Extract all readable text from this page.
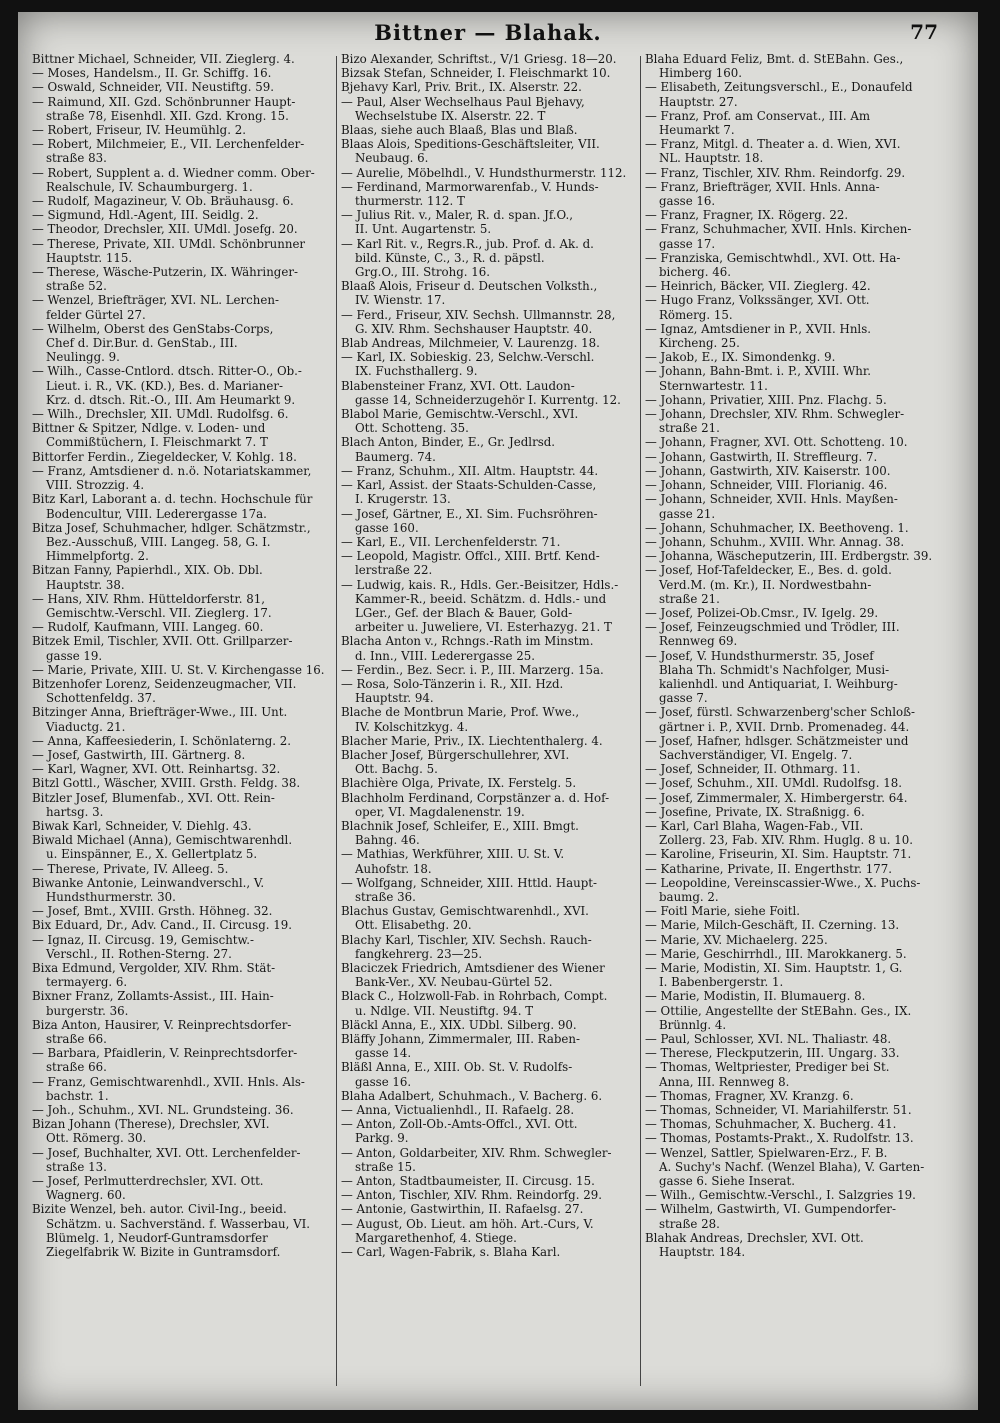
Bittner — Blahak.	77
Bittner Michael, Schneider, VII. Zieglerg. 4.
— Moses, Handelsm., II. Gr. Schiffg. 16.
— Oswald, Schneider, VII. Neustiftg. 59.
— Raimund, XII. Gzd. Schönbrunner Haupt-
straße 78, Eisenhdl. XII. Gzd. Krong. 15.
— Robert, Friseur, IV. Heumühlg. 2.
— Robert, Milchmeier, E., VII. Lerchenfelder-
straße 83.
— Robert, Supplent a. d. Wiedner comm. Ober-
Realschule, IV. Schaumburgerg. 1.
— Rudolf, Magazineur, V. Ob. Bräuhausg. 6.
— Sigmund, Hdl.-Agent, III. Seidlg. 2.
— Theodor, Drechsler, XII. UMdl. Josefg. 20.
— Therese, Private, XII. UMdl. Schönbrunner
Hauptstr. 115.
— Therese, Wäsche-Putzerin, IX. Währinger-
straße 52.
— Wenzel, Briefträger, XVI. NL. Lerchen-
felder Gürtel 27.
— Wilhelm, Oberst des GenStabs-Corps,
Chef d. Dir.Bur. d. GenStab., III.
Neulingg. 9.
— Wilh., Casse-Cntlord. dtsch. Ritter-O., Ob.-
Lieut. i. R., VK. (KD.), Bes. d. Marianer-
Krz. d. dtsch. Rit.-O., III. Am Heumarkt 9.
— Wilh., Drechsler, XII. UMdl. Rudolfsg. 6.
Bittner & Spitzer, Ndlge. v. Loden- und
Commißtüchern, I. Fleischmarkt 7. T
Bittorfer Ferdin., Ziegeldecker, V. Kohlg. 18.
— Franz, Amtsdiener d. n.ö. Notariatskammer,
VIII. Strozzig. 4.
Bitz Karl, Laborant a. d. techn. Hochschule für
Bodencultur, VIII. Lederergasse 17a.
Bitza Josef, Schuhmacher, hdlger. Schätzmstr.,
Bez.-Ausschuß, VIII. Langeg. 58, G. I.
Himmelpfortg. 2.
Bitzan Fanny, Papierhdl., XIX. Ob. Dbl.
Hauptstr. 38.
— Hans, XIV. Rhm. Hütteldorferstr. 81,
Gemischtw.-Verschl. VII. Zieglerg. 17.
— Rudolf, Kaufmann, VIII. Langeg. 60.
Bitzek Emil, Tischler, XVII. Ott. Grillparzer-
gasse 19.
— Marie, Private, XIII. U. St. V. Kirchengasse 16.
Bitzenhofer Lorenz, Seidenzeugmacher, VII.
Schottenfeldg. 37.
Bitzinger Anna, Briefträger-Wwe., III. Unt.
Viaductg. 21.
— Anna, Kaffeesiederin, I. Schönlaterng. 2.
— Josef, Gastwirth, III. Gärtnerg. 8.
— Karl, Wagner, XVI. Ott. Reinhartsg. 32.
Bitzl Gottl., Wäscher, XVIII. Grsth. Feldg. 38.
Bitzler Josef, Blumenfab., XVI. Ott. Rein-
hartsg. 3.
Biwak Karl, Schneider, V. Diehlg. 43.
Biwald Michael (Anna), Gemischtwarenhdl.
u. Einspänner, E., X. Gellertplatz 5.
— Therese, Private, IV. Alleeg. 5.
Biwanke Antonie, Leinwandverschl., V.
Hundsthurmerstr. 30.
— Josef, Bmt., XVIII. Grsth. Höhneg. 32.
Bix Eduard, Dr., Adv. Cand., II. Circusg. 19.
— Ignaz, II. Circusg. 19, Gemischtw.-
Verschl., II. Rothen-Sterng. 27.
Bixa Edmund, Vergolder, XIV. Rhm. Stät-
termayerg. 6.
Bixner Franz, Zollamts-Assist., III. Hain-
burgerstr. 36.
Biza Anton, Hausirer, V. Reinprechtsdorfer-
straße 66.
— Barbara, Pfaidlerin, V. Reinprechtsdorfer-
straße 66.
— Franz, Gemischtwarenhdl., XVII. Hnls. Als-
bachstr. 1.
— Joh., Schuhm., XVI. NL. Grundsteing. 36.
Bizan Johann (Therese), Drechsler, XVI.
Ott. Römerg. 30.
— Josef, Buchhalter, XVI. Ott. Lerchenfelder-
straße 13.
— Josef, Perlmutterdrechsler, XVI. Ott.
Wagnerg. 60.
Bizite Wenzel, beh. autor. Civil-Ing., beeid.
Schätzm. u. Sachverständ. f. Wasserbau, VI.
Blümelg. 1, Neudorf-Guntramsdorfer
Ziegelfabrik W. Bizite in Guntramsdorf.
Bizo Alexander, Schriftst., V/1 Griesg. 18—20.
Bizsak Stefan, Schneider, I. Fleischmarkt 10.
Bjehavy Karl, Priv. Brit., IX. Alserstr. 22.
— Paul, Alser Wechselhaus Paul Bjehavy,
Wechselstube IX. Alserstr. 22. T
Blaas, siehe auch Blaaß, Blas und Blaß.
Blaas Alois, Speditions-Geschäftsleiter, VII.
Neubaug. 6.
— Aurelie, Möbelhdl., V. Hundsthurmerstr. 112.
— Ferdinand, Marmorwarenfab., V. Hunds-
thurmerstr. 112. T
— Julius Rit. v., Maler, R. d. span. Jf.O.,
II. Unt. Augartenstr. 5.
— Karl Rit. v., Regrs.R., jub. Prof. d. Ak. d.
bild. Künste, C., 3., R. d. päpstl.
Grg.O., III. Strohg. 16.
Blaaß Alois, Friseur d. Deutschen Volksth.,
IV. Wienstr. 17.
— Ferd., Friseur, XIV. Sechsh. Ullmannstr. 28,
G. XIV. Rhm. Sechshauser Hauptstr. 40.
Blab Andreas, Milchmeier, V. Laurenzg. 18.
— Karl, IX. Sobieskig. 23, Selchw.-Verschl.
IX. Fuchsthallerg. 9.
Blabensteiner Franz, XVI. Ott. Laudon-
gasse 14, Schneiderzugehör I. Kurrentg. 12.
Blabol Marie, Gemischtw.-Verschl., XVI.
Ott. Schotteng. 35.
Blach Anton, Binder, E., Gr. Jedlrsd.
Baumerg. 74.
— Franz, Schuhm., XII. Altm. Hauptstr. 44.
— Karl, Assist. der Staats-Schulden-Casse,
I. Krugerstr. 13.
— Josef, Gärtner, E., XI. Sim. Fuchsröhren-
gasse 160.
— Karl, E., VII. Lerchenfelderstr. 71.
— Leopold, Magistr. Offcl., XIII. Brtf. Kend-
lerstraße 22.
— Ludwig, kais. R., Hdls. Ger.-Beisitzer, Hdls.-
Kammer-R., beeid. Schätzm. d. Hdls.- und
LGer., Gef. der Blach & Bauer, Gold-
arbeiter u. Juweliere, VI. Esterhazyg. 21. T
Blacha Anton v., Rchngs.-Rath im Minstm.
d. Inn., VIII. Lederergasse 25.
— Ferdin., Bez. Secr. i. P., III. Marzerg. 15a.
— Rosa, Solo-Tänzerin i. R., XII. Hzd.
Hauptstr. 94.
Blache de Montbrun Marie, Prof. Wwe.,
IV. Kolschitzkyg. 4.
Blacher Marie, Priv., IX. Liechtenthalerg. 4.
Blacher Josef, Bürgerschullehrer, XVI.
Ott. Bachg. 5.
Blachière Olga, Private, IX. Ferstelg. 5.
Blachholm Ferdinand, Corpstänzer a. d. Hof-
oper, VI. Magdalenenstr. 19.
Blachnik Josef, Schleifer, E., XIII. Bmgt.
Bahng. 46.
— Mathias, Werkführer, XIII. U. St. V.
Auhofstr. 18.
— Wolfgang, Schneider, XIII. Httld. Haupt-
straße 36.
Blachus Gustav, Gemischtwarenhdl., XVI.
Ott. Elisabethg. 20.
Blachy Karl, Tischler, XIV. Sechsh. Rauch-
fangkehrerg. 23—25.
Blaciczek Friedrich, Amtsdiener des Wiener
Bank-Ver., XV. Neubau-Gürtel 52.
Black C., Holzwoll-Fab. in Rohrbach, Compt.
u. Ndlge. VII. Neustiftg. 94. T
Bläckl Anna, E., XIX. UDbl. Silberg. 90.
Bläffy Johann, Zimmermaler, III. Raben-
gasse 14.
Bläßl Anna, E., XIII. Ob. St. V. Rudolfs-
gasse 16.
Blaha Adalbert, Schuhmach., V. Bacherg. 6.
— Anna, Victualienhdl., II. Rafaelg. 28.
— Anton, Zoll-Ob.-Amts-Offcl., XVI. Ott.
Parkg. 9.
— Anton, Goldarbeiter, XIV. Rhm. Schwegler-
straße 15.
— Anton, Stadtbaumeister, II. Circusg. 15.
— Anton, Tischler, XIV. Rhm. Reindorfg. 29.
— Antonie, Gastwirthin, II. Rafaelsg. 27.
— August, Ob. Lieut. am höh. Art.-Curs, V.
Margarethenhof, 4. Stiege.
— Carl, Wagen-Fabrik, s. Blaha Karl.
Blaha Eduard Feliz, Bmt. d. StEBahn. Ges.,
Himberg 160.
— Elisabeth, Zeitungsverschl., E., Donaufeld
Hauptstr. 27.
— Franz, Prof. am Conservat., III. Am
Heumarkt 7.
— Franz, Mitgl. d. Theater a. d. Wien, XVI.
NL. Hauptstr. 18.
— Franz, Tischler, XIV. Rhm. Reindorfg. 29.
— Franz, Briefträger, XVII. Hnls. Anna-
gasse 16.
— Franz, Fragner, IX. Rögerg. 22.
— Franz, Schuhmacher, XVII. Hnls. Kirchen-
gasse 17.
— Franziska, Gemischtwhdl., XVI. Ott. Ha-
bicherg. 46.
— Heinrich, Bäcker, VII. Zieglerg. 42.
— Hugo Franz, Volkssänger, XVI. Ott.
Römerg. 15.
— Ignaz, Amtsdiener in P., XVII. Hnls.
Kircheng. 25.
— Jakob, E., IX. Simondenkg. 9.
— Johann, Bahn-Bmt. i. P., XVIII. Whr.
Sternwartestr. 11.
— Johann, Privatier, XIII. Pnz. Flachg. 5.
— Johann, Drechsler, XIV. Rhm. Schwegler-
straße 21.
— Johann, Fragner, XVI. Ott. Schotteng. 10.
— Johann, Gastwirth, II. Streffleurg. 7.
— Johann, Gastwirth, XIV. Kaiserstr. 100.
— Johann, Schneider, VIII. Florianig. 46.
— Johann, Schneider, XVII. Hnls. Mayßen-
gasse 21.
— Johann, Schuhmacher, IX. Beethoveng. 1.
— Johann, Schuhm., XVIII. Whr. Annag. 38.
— Johanna, Wäscheputzerin, III. Erdbergstr. 39.
— Josef, Hof-Tafeldecker, E., Bes. d. gold.
Verd.M. (m. Kr.), II. Nordwestbahn-
straße 21.
— Josef, Polizei-Ob.Cmsr., IV. Igelg. 29.
— Josef, Feinzeugschmied und Trödler, III.
Rennweg 69.
— Josef, V. Hundsthurmerstr. 35, Josef
Blaha Th. Schmidt's Nachfolger, Musi-
kalienhdl. und Antiquariat, I. Weihburg-
gasse 7.
— Josef, fürstl. Schwarzenberg'scher Schloß-
gärtner i. P., XVII. Drnb. Promenadeg. 44.
— Josef, Hafner, hdlsger. Schätzmeister und
Sachverständiger, VI. Engelg. 7.
— Josef, Schneider, II. Othmarg. 11.
— Josef, Schuhm., XII. UMdl. Rudolfsg. 18.
— Josef, Zimmermaler, X. Himbergerstr. 64.
— Josefine, Private, IX. Straßnigg. 6.
— Karl, Carl Blaha, Wagen-Fab., VII.
Zollerg. 23, Fab. XIV. Rhm. Huglg. 8 u. 10.
— Karoline, Friseurin, XI. Sim. Hauptstr. 71.
— Katharine, Private, II. Engerthstr. 177.
— Leopoldine, Vereinscassier-Wwe., X. Puchs-
baumg. 2.
— Foitl Marie, siehe Foitl.
— Marie, Milch-Geschäft, II. Czerning. 13.
— Marie, XV. Michaelerg. 225.
— Marie, Geschirrhdl., III. Marokkanerg. 5.
— Marie, Modistin, XI. Sim. Hauptstr. 1, G.
I. Babenbergerstr. 1.
— Marie, Modistin, II. Blumauerg. 8.
— Ottilie, Angestellte der StEBahn. Ges., IX.
Brünnlg. 4.
— Paul, Schlosser, XVI. NL. Thaliastr. 48.
— Therese, Fleckputzerin, III. Ungarg. 33.
— Thomas, Weltpriester, Prediger bei St.
Anna, III. Rennweg 8.
— Thomas, Fragner, XV. Kranzg. 6.
— Thomas, Schneider, VI. Mariahilferstr. 51.
— Thomas, Schuhmacher, X. Bucherg. 41.
— Thomas, Postamts-Prakt., X. Rudolfstr. 13.
— Wenzel, Sattler, Spielwaren-Erz., F. B.
A. Suchy's Nachf. (Wenzel Blaha), V. Garten-
gasse 6. Siehe Inserat.
— Wilh., Gemischtw.-Verschl., I. Salzgries 19.
— Wilhelm, Gastwirth, VI. Gumpendorfer-
straße 28.
Blahak Andreas, Drechsler, XVI. Ott.
Hauptstr. 184.
